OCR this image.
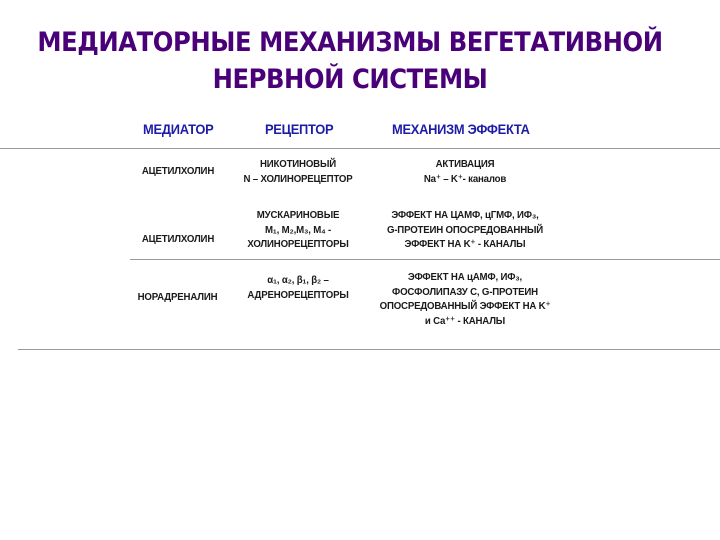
МЕДИАТОРНЫЕ МЕХАНИЗМЫ ВЕГЕТАТИВНОЙ
НЕРВНОЙ СИСТЕМЫ
МЕДИАТОР	РЕЦЕПТОР	МЕХАНИЗМ ЭФФЕКТА
АЦЕТИЛХОЛИН
НИКОТИНОВЫЙ
N – ХОЛИНОРЕЦЕПТОР
АКТИВАЦИЯ
Na⁺ – K⁺- каналов
АЦЕТИЛХОЛИН
МУСКАРИНОВЫЕ
M₁, M₂,M₃, M₄ -
ХОЛИНОРЕЦЕПТОРЫ
ЭФФЕКТ НА ЦАМФ, цГМФ, ИФ₃,
G-ПРОТЕИН ОПОСРЕДОВАННЫЙ
ЭФФЕКТ НА K⁺ - КАНАЛЫ
НОРАДРЕНАЛИН
α₁, α₂, β₁, β₂ –
АДРЕНОРЕЦЕПТОРЫ
ЭФФЕКТ НА цАМФ, ИФ₃,
ФОСФОЛИПАЗУ С, G-ПРОТЕИН
ОПОСРЕДОВАННЫЙ ЭФФЕКТ НА K⁺
и Ca⁺⁺ - КАНАЛЫ
